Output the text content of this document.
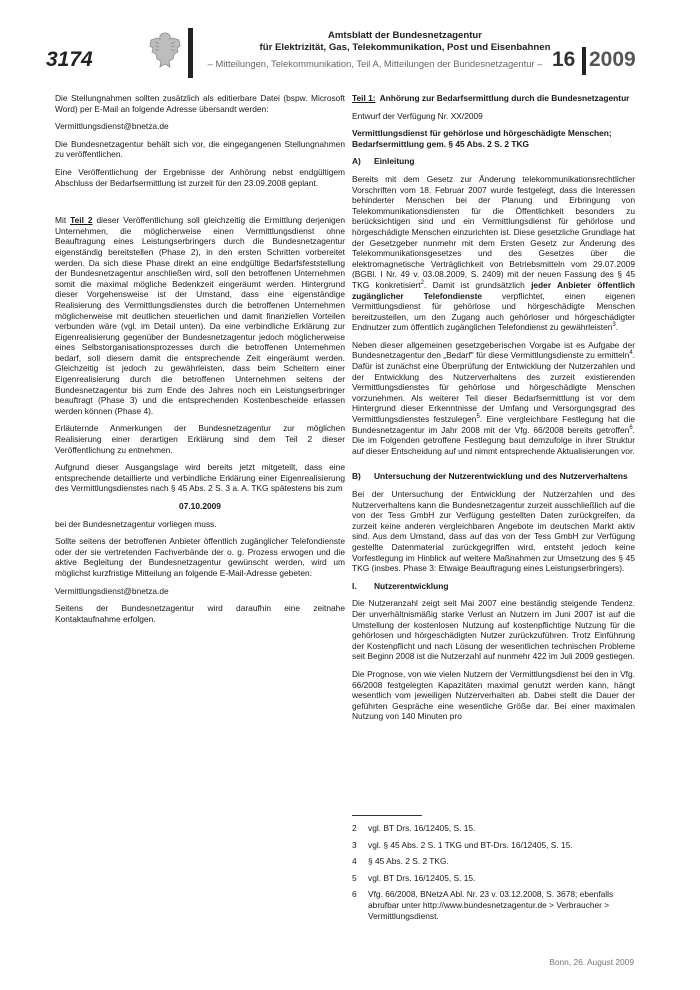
3174
Amtsblatt der Bundesnetzagentur
für Elektrizität, Gas, Telekommunikation, Post und Eisenbahnen
– Mitteilungen, Telekommunikation, Teil A, Mitteilungen der Bundesnetzagentur – 16 2009

Die Stellungnahmen sollten zusätzlich als editierbare Datei (bspw. Microsoft Word) per E-Mail an folgende Adresse übersandt werden:

Vermittlungsdienst@bnetza.de

Die Bundesnetzagentur behält sich vor, die eingegangenen Stellungnahmen zu veröffentlichen.

Eine Veröffentlichung der Ergebnisse der Anhörung nebst endgültigem Abschluss der Bedarfsermittlung ist zurzeit für den 23.09.2008 geplant.

Mit Teil 2 dieser Veröffentlichung soll gleichzeitig die Ermittlung derjenigen Unternehmen, die möglicherweise einen Vermittlungsdienst ohne Beauftragung eines Leistungserbringers durch die Bundesnetzagentur eigenständig bereitstellen (Phase 2), in den ersten Schritten vorbereitet werden. Da sich diese Phase direkt an eine endgültige Bedarfsfeststellung der Bundesnetzagentur anschließen wird, soll den betroffenen Unternehmen somit die maximal mögliche Bedenkzeit eingeräumt werden. Hintergrund dieser Vorgehensweise ist der Umstand, dass eine eigenständige Realisierung des Vermittlungsdienstes durch die betroffenen Unternehmen möglicherweise mit deutlichen steuerlichen und damit finanziellen Vorteilen verbunden wäre (vgl. im Detail unten). Da eine verbindliche Erklärung zur Eigenrealisierung gegenüber der Bundesnetzagentur jedoch möglicherweise eines Selbstorganisationsprozesses durch die betroffenen Unternehmen bedarf, soll diesem damit die entsprechende Zeit eingeräumt werden. Gleichzeitig ist jedoch zu gewährleisten, dass beim Scheitern einer Eigenrealisierung durch die betroffenen Unternehmen seitens der Bundesnetzagentur bis zum Ende des Jahres noch ein Leistungserbringer beauftragt (Phase 3) und die entsprechenden Kostenbescheide erlassen werden können (Phase 4).

Erläuternde Anmerkungen der Bundesnetzagentur zur möglichen Realisierung einer derartigen Erklärung sind dem Teil 2 dieser Veröffentlichung zu entnehmen.

Aufgrund dieser Ausgangslage wird bereits jetzt mitgeteilt, dass eine entsprechende detaillierte und verbindliche Erklärung einer Eigenrealisierung des Vermittlungsdienstes nach § 45 Abs. 2 S. 3 a. A. TKG spätestens bis zum

07.10.2009

bei der Bundesnetzagentur vorliegen muss.

Sollte seitens der betroffenen Anbieter öffentlich zugänglicher Telefondienste oder der sie vertretenden Fachverbände der o. g. Prozess erwogen und die aktive Begleitung der Bundesnetzagentur gewünscht werden, wird um möglichst kurzfristige Mitteilung an folgende E-Mail-Adresse gebeten:

Vermittlungsdienst@bnetza.de

Seitens der Bundesnetzagentur wird daraufhin eine zeitnahe Kontaktaufnahme erfolgen.

Teil 1: Anhörung zur Bedarfsermittlung durch die Bundesnetzagentur

Entwurf der Verfügung Nr. XX/2009

Vermittlungsdienst für gehörlose und hörgeschädigte Menschen;
Bedarfsermittlung gem. § 45 Abs. 2 S. 2 TKG

A)	Einleitung

Bereits mit dem Gesetz zur Änderung telekommunikationsrechtlicher Vorschriften vom 18. Februar 2007 wurde festgelegt, dass die Interessen behinderter Menschen bei der Planung und Erbringung von Telekommunikationsdiensten für die Öffentlichkeit besonders zu berücksichtigen sind und ein Vermittlungsdienst für gehörlose und hörgeschädigte Menschen einzurichten ist. Diese gesetzliche Grundlage hat der Gesetzgeber nunmehr mit dem Ersten Gesetz zur Änderung des Telekommunikationsgesetzes und des Gesetzes über die elektromagnetische Verträglichkeit von Betriebsmitteln vom 29.07.2009 (BGBl. I Nr. 49 v. 03.08.2009, S. 2409) mit der neuen Fassung des § 45 TKG konkretisiert$^2$. Damit ist grundsätzlich jeder Anbieter öffentlich zugänglicher Telefondienste verpflichtet, einen eigenen Vermittlungsdienst für gehörlose und hörgeschädigte Menschen bereitzustellen, um den Zugang auch gehörloser und hörgeschädigter Endnutzer zum öffentlich zugänglichen Telefondienst zu gewährleisten$^3$.

Neben dieser allgemeinen gesetzgeberischen Vorgabe ist es Aufgabe der Bundesnetzagentur den „Bedarf" für diese Vermittlungsdienste zu ermitteln$^4$. Dafür ist zunächst eine Überprüfung der Entwicklung der Nutzerzahlen und der Entwicklung des Nutzerverhaltens des zurzeit existierenden Vermittlungsdienstes für gehörlose und hörgeschädigte Menschen vorzunehmen. Als weiterer Teil dieser Bedarfsermittlung ist vor dem Hintergrund dieser Erkenntnisse der Umfang und Versorgungsgrad des Vermittlungsdienstes festzulegen$^5$. Eine vergleichbare Festlegung hat die Bundesnetzagentur im Jahr 2008 mit der Vfg. 66/2008 bereits getroffen$^6$. Die im Folgenden getroffene Festlegung baut demzufolge in ihrer Struktur auf dieser Entscheidung auf und nimmt entsprechende Aktualisierungen vor.

B)	Untersuchung der Nutzerentwicklung und des Nutzerverhaltens

Bei der Untersuchung der Entwicklung der Nutzerzahlen und des Nutzerverhaltens kann die Bundesnetzagentur zurzeit ausschließlich auf die von der Tess GmbH zur Verfügung gestellten Daten zurückgreifen, da zurzeit keine anderen vergleichbaren Angebote im deutschen Markt aktiv sind. Aus dem Umstand, dass auf das von der Tess GmbH zur Verfügung gestellte Datenmaterial zurückgegriffen wird, entsteht jedoch keine Vorfestlegung im Hinblick auf weitere Maßnahmen zur Umsetzung des § 45 TKG (insbes. Phase 3: Etwaige Beauftragung eines Leistungserbringers).

I.	Nutzerentwicklung

Die Nutzeranzahl zeigt seit Mai 2007 eine beständig steigende Tendenz. Der unverhältnismäßig starke Verlust an Nutzern im Juni 2007 ist auf die Umstellung der kostenlosen Nutzung auf kostenpflichtige Nutzung für die gehörlosen und hörgeschädigten Nutzer zurückzuführen. Trotz Einführung der Kostenpflicht und nach Lösung der wesentlichen technischen Probleme seit Beginn 2008 ist die Nutzerzahl auf nunmehr 422 im Juli 2009 gestiegen.

Die Prognose, von wie vielen Nutzern der Vermittlungsdienst bei den in Vfg. 66/2008 festgelegten Kapazitäten maximal genutzt werden kann, hängt wesentlich vom jeweiligen Nutzerverhalten ab. Dabei stellt die Dauer der geführten Gespräche eine wesentliche Größe dar. Bei einer maximalen Nutzung von 140 Minuten pro

2	vgl. BT Drs. 16/12405, S. 15.
3	vgl. § 45 Abs. 2 S. 1 TKG und BT-Drs. 16/12405, S. 15.
4	§ 45 Abs. 2 S. 2 TKG.
5	vgl. BT Drs. 16/12405, S. 15.
6	Vfg. 66/2008, BNetzA Abl. Nr. 23 v. 03.12.2008, S. 3678; ebenfalls abrufbar unter http://www.bundesnetzagentur.de > Verbraucher > Vermittlungsdienst.
Bonn, 26. August 2009
